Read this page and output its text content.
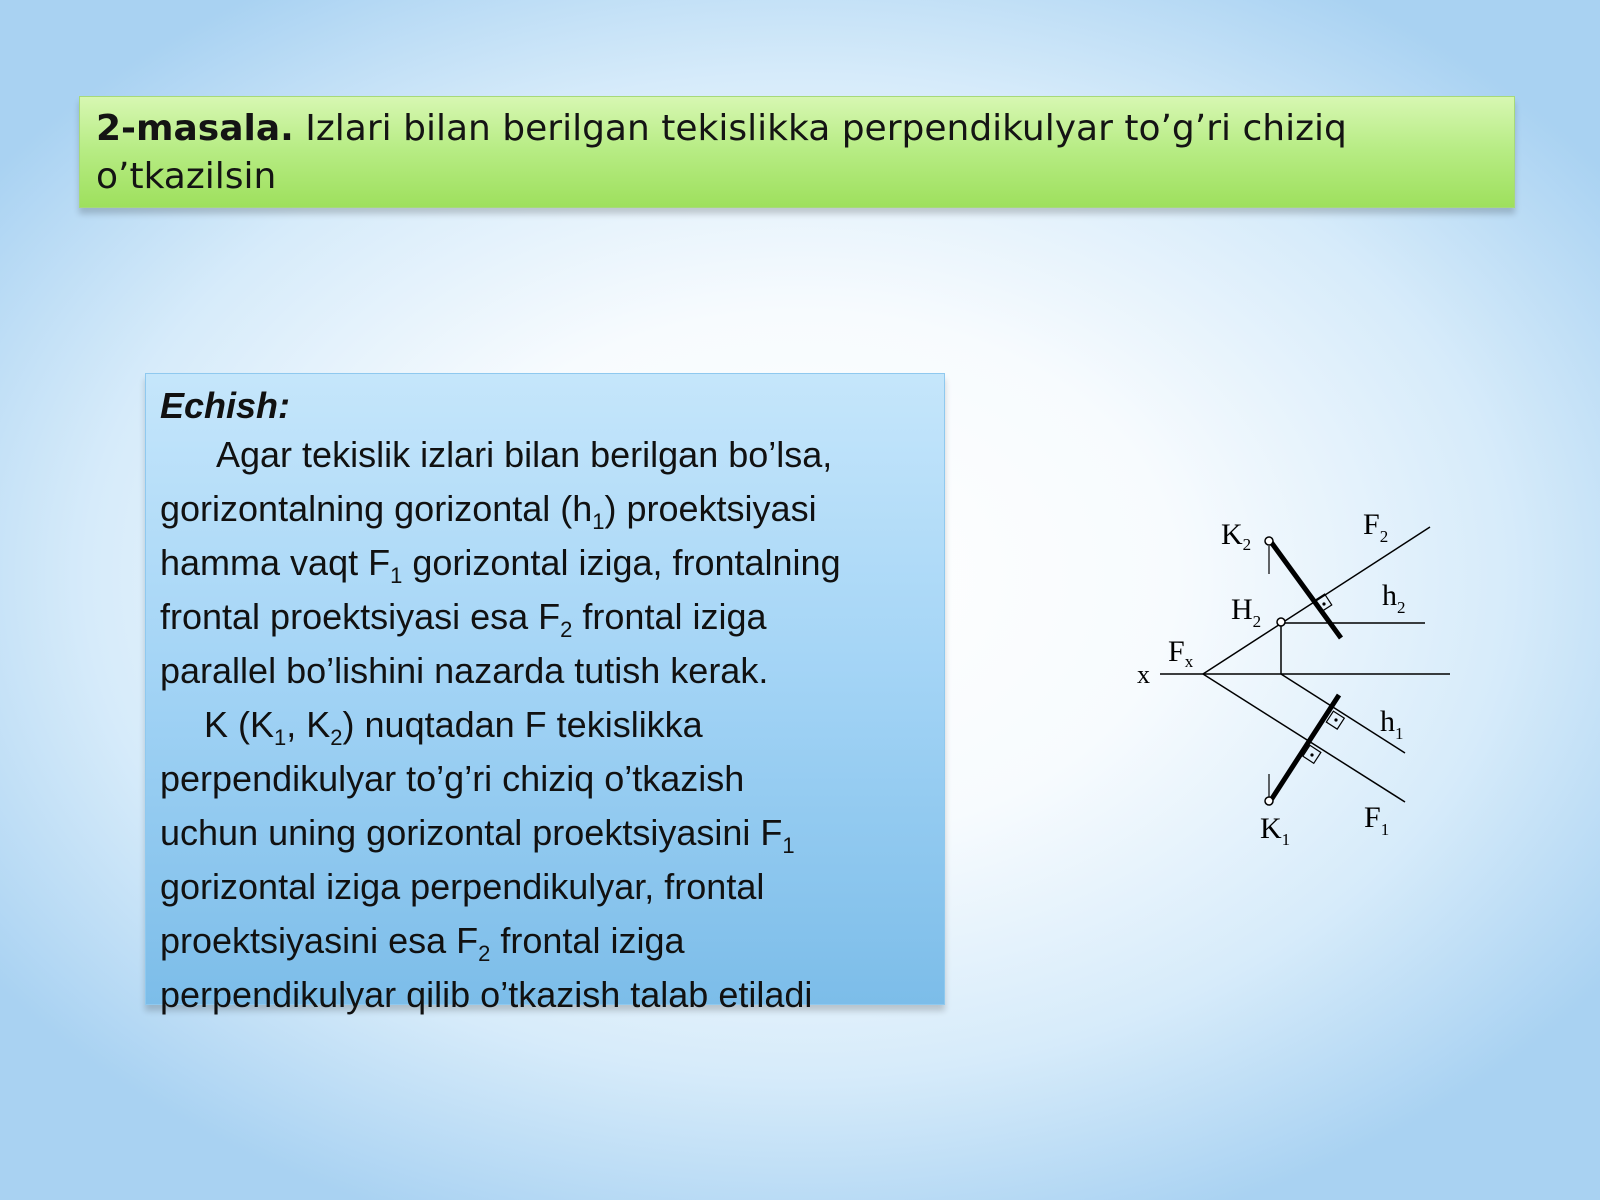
2-masala. Izlari bilan berilgan tekislikka perpendikulyar to’g’ri chiziq
o’tkazilsin

Echish:

Agar tekislik izlari bilan berilgan bo’lsa,

gorizontalning gorizontal $(h_1)$ proektsiyasi

hamma vaqt $F_1$ gorizontal iziga, frontalning

frontal proektsiyasi esa $F_2$ frontal iziga

parallel bo’lishini nazarda tutish kerak.

K ($K_1$, $K_2$) nuqtadan F tekislikka

perpendikulyar to’g’ri chiziq o’tkazish

uchun uning gorizontal proektsiyasini $F_1$

gorizontal iziga perpendikulyar, frontal

proektsiyasini esa $F_2$ frontal iziga

perpendikulyar qilib o’tkazish talab etiladi

$K_2$
$F_2$
$H_2$
$h_2$
$F_x$
x
$h_1$
$K_1$
$F_1$
